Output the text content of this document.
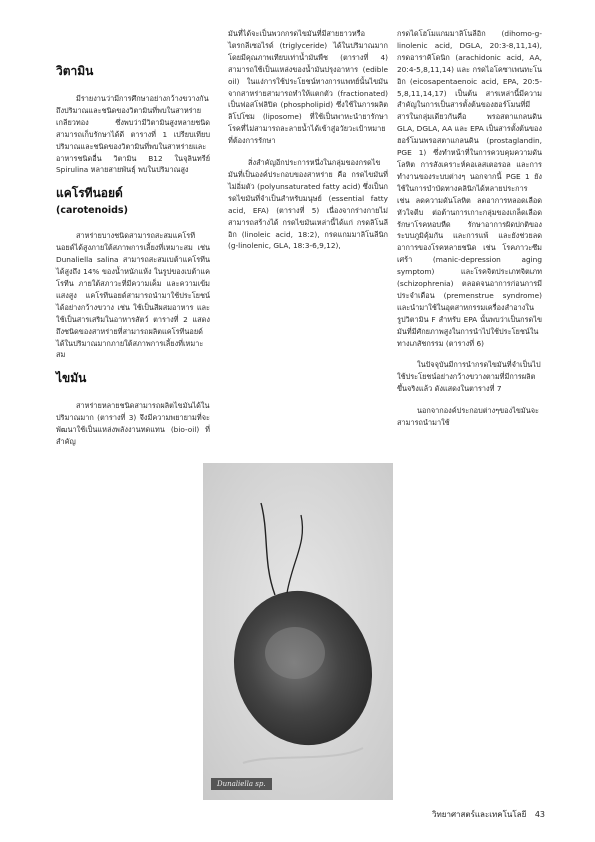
วิตามิน
มีรายงานว่ามีการศึกษาอย่างกว้างขวางกัน ถึงปริมาณและชนิดของวิตามินที่พบในสาหร่ายเกลียวทอง ซึ่งพบว่ามีวิตามินสูงหลายชนิด สามารถเก็บรักษาได้ดี ตารางที่ 1 เปรียบเทียบปริมาณและชนิดของวิตามินที่พบในสาหร่ายและอาหารชนิดอื่น วิตามิน B12 ในจุลินทรีย์ Spirulina หลายสายพันธุ์ พบในปริมาณสูง
แคโรทีนอยด์
(carotenoids)
สาหร่ายบางชนิดสามารถสะสมแคโรทีนอยด์ได้สูงภายใต้สภาพการเลี้ยงที่เหมาะสม เช่น Dunaliella salina สามารถสะสมเบต้าแคโรทีนได้สูงถึง 14% ของน้ำหนักแห้ง ในรูปของเบต้าแคโรทีน ภายใต้สภาวะที่มีความเค็ม และความเข้มแสงสูง แคโรทีนอยด์สามารถนำมาใช้ประโยชน์ได้อย่างกว้างขวาง เช่น ใช้เป็นสีผสมอาหาร และใช้เป็นสารเสริมในอาหารสัตว์ ตารางที่ 2 แสดงถึงชนิดของสาหร่ายที่สามารถผลิตแคโรทีนอยด์ได้ในปริมาณมากภายใต้สภาพการเลี้ยงที่เหมาะสม
ไขมัน
สาหร่ายหลายชนิดสามารถผลิตไขมันได้ในปริมาณมาก (ตารางที่ 3) จึงมีความพยายามที่จะพัฒนาใช้เป็นแหล่งพลังงานทดแทน (bio-oil) ที่สำคัญ
มันที่ได้จะเป็นพวกกรดไขมันที่มีสายยาวหรือไตรกลีเซอไรด์ (triglyceride) ได้ในปริมาณมาก โดยมีคุณภาพเทียบเท่าน้ำมันพืช (ตารางที่ 4) สามารถใช้เป็นแหล่งของน้ำมันปรุงอาหาร (edible oil) ในแง่การใช้ประโยชน์ทางการแพทย์นั้นไขมันจากสาหร่ายสามารถทำให้แตกตัว (fractionated) เป็นฟอสโฟลิปิด (phospholipid) ซึ่งใช้ในการผลิตลิโปโซม (liposome) ที่ใช้เป็นพาหะนำยารักษาโรคที่ไม่สามารถละลายน้ำได้เข้าสู่อวัยวะเป้าหมายที่ต้องการรักษา
สิ่งสำคัญอีกประการหนึ่งในกลุ่มของกรดไขมันที่เป็นองค์ประกอบของสาหร่าย คือ กรดไขมันที่ไม่อิ่มตัว (polyunsaturated fatty acid) ซึ่งเป็นกรดไขมันที่จำเป็นสำหรับมนุษย์ (essential fatty acid, EFA) (ตารางที่ 5) เนื่องจากร่างกายไม่สามารถสร้างได้ กรดไขมันเหล่านี้ได้แก่ กรดลิโนลีอิก (linoleic acid, 18:2), กรดแกมมาลิโนลีนิก (g-linolenic, GLA, 18:3-6,9,12),
Dunaliella sp.
กรดไดโฮโมแกมมาลิโนลีอิก (dihomo-g-linolenic acid, DGLA, 20:3-8,11,14), กรดอาราคิโดนิก (arachidonic acid, AA, 20:4-5,8,11,14) และ กรดไอโคซาเพนทะโนอิก (eicosapentaenoic acid, EPA, 20:5-5,8,11,14,17) เป็นต้น สารเหล่านี้มีความสำคัญในการเป็นสารตั้งต้นของฮอร์โมนที่มีสารในกลุ่มเดียวกันคือ พรอสตาแกลนดิน GLA, DGLA, AA และ EPA เป็นสารตั้งต้นของฮอร์โมนพรอสตาแกลนดิน (prostaglandin, PGE 1) ซึ่งทำหน้าที่ในการควบคุมความดันโลหิต การสังเคราะห์คอเลสเตอรอล และการทำงานของระบบต่างๆ นอกจากนี้ PGE 1 ยังใช้ในการบำบัดทางคลินิกได้หลายประการ เช่น ลดความดันโลหิต ลดอาการหลอดเลือดหัวใจตีบ ต่อต้านการเกาะกลุ่มของเกล็ดเลือด รักษาโรคหอบหืด รักษาอาการผิดปกติของระบบภูมิคุ้มกัน และการแพ้ และยังช่วยลดอาการของโรคหลายชนิด เช่น โรคภาวะซึมเศร้า (manic-depression aging symptom) และโรคจิตประเภทจิตเภท (schizophrenia) ตลอดจนอาการก่อนการมีประจำเดือน (premenstrue syndrome) และนำมาใช้ในอุตสาหกรรมเครื่องสำอางในรูปวิตามิน F สำหรับ EPA นั้นพบว่าเป็นกรดไขมันที่มีศักยภาพสูงในการนำไปใช้ประโยชน์ในทางเภสัชกรรม (ตารางที่ 6)
ในปัจจุบันมีการนำกรดไขมันที่จำเป็นไปใช้ประโยชน์อย่างกว้างขวางตามที่มีการผลิตขึ้นจริงแล้ว ดังแสดงในตารางที่ 7
นอกจากองค์ประกอบต่างๆของไขมันจะสามารถนำมาใช้
วิทยาศาสตร์และเทคโนโลยี 43
